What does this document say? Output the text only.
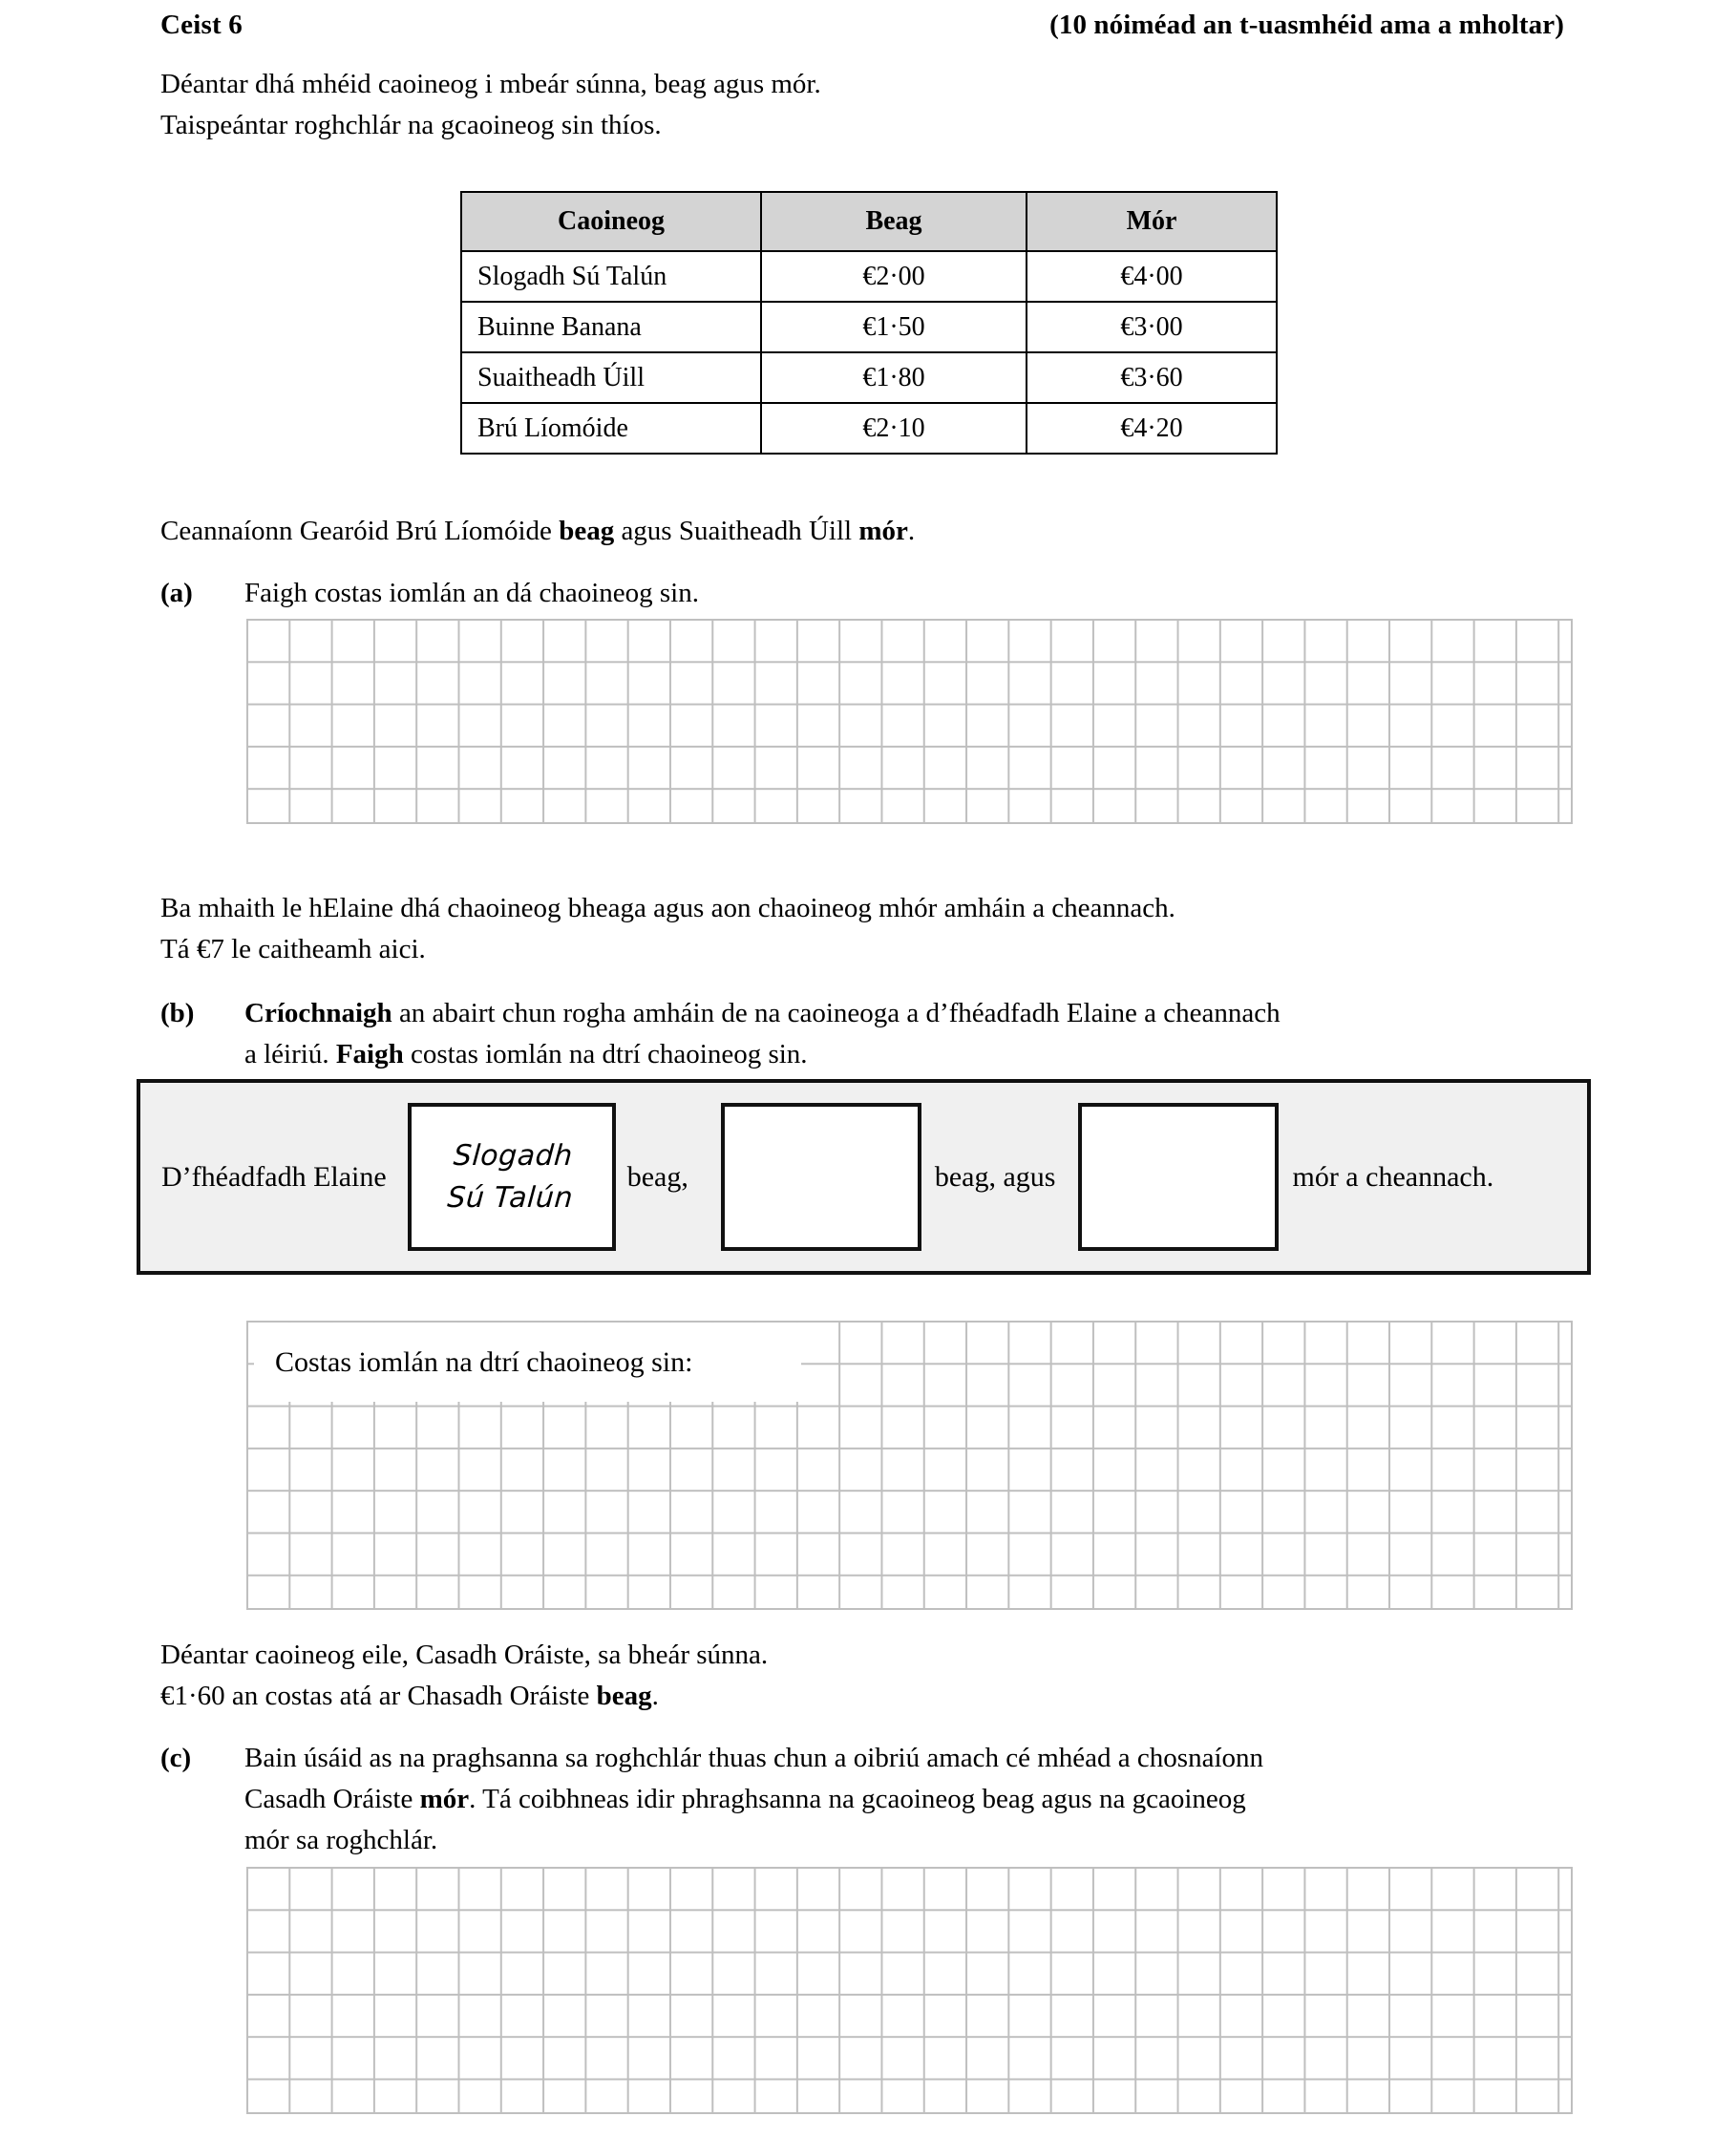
Ceist 6	(10 nóiméad an t-uasmhéid ama a mholtar)
Déantar dhá mhéid caoineog i mbeár súnna, beag agus mór.
Taispeántar roghchlár na gcaoineog sin thíos.
Caoineog	Beag	Mór
Slogadh Sú Talún	€2·00	€4·00
Buinne Banana	€1·50	€3·00
Suaitheadh Úill	€1·80	€3·60
Brú Líomóide	€2·10	€4·20
Ceannaíonn Gearóid Brú Líomóide beag agus Suaitheadh Úill mór.
(a)	Faigh costas iomlán an dá chaoineog sin.
Ba mhaith le hElaine dhá chaoineog bheaga agus aon chaoineog mhór amháin a cheannach.
Tá €7 le caitheamh aici.
(b)	Críochnaigh an abairt chun rogha amháin de na caoineoga a d’fhéadfadh Elaine a cheannach
a léiriú. Faigh costas iomlán na dtrí chaoineog sin.
D’fhéadfadh Elaine
Slogadh
Sú Talún
beag,	beag, agus	mór a cheannach.
Costas iomlán na dtrí chaoineog sin:
Déantar caoineog eile, Casadh Oráiste, sa bheár súnna.
€1·60 an costas atá ar Chasadh Oráiste beag.
(c)	Bain úsáid as na praghsanna sa roghchlár thuas chun a oibriú amach cé mhéad a chosnaíonn
Casadh Oráiste mór. Tá coibhneas idir phraghsanna na gcaoineog beag agus na gcaoineog
mór sa roghchlár.
